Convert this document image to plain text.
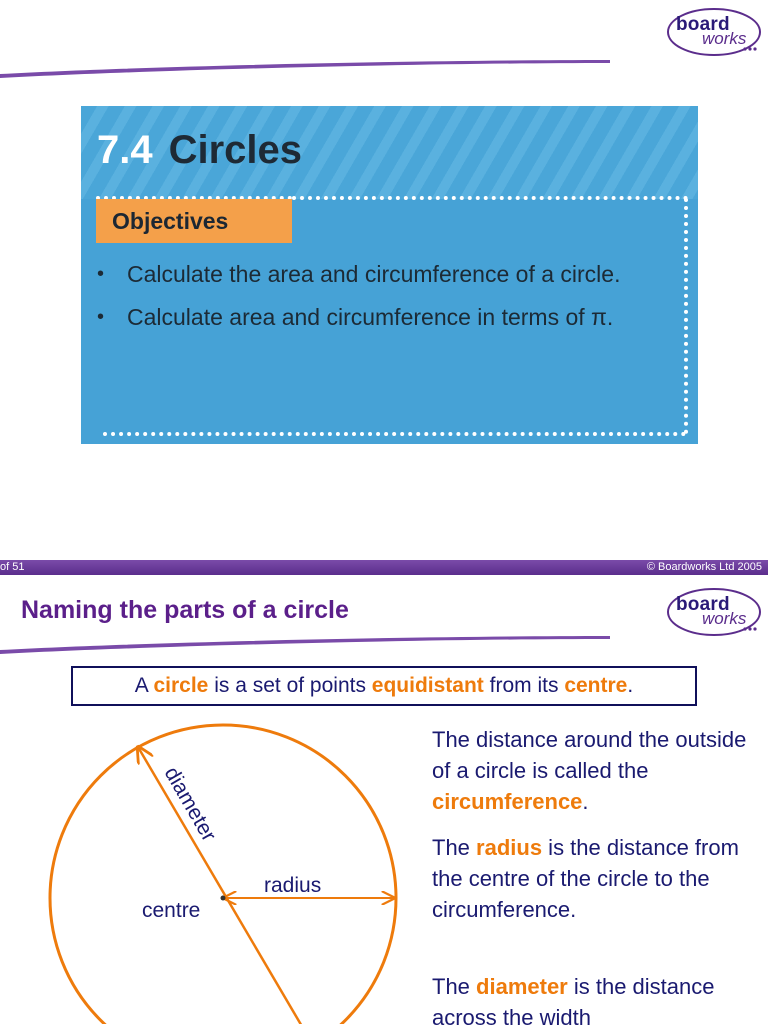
board
works
7.4 Circles
Objectives
• Calculate the area and circumference of a circle.
• Calculate area and circumference in terms of π.
of 51	© Boardworks Ltd 2005
Naming the parts of a circle	board
works
A circle is a set of points equidistant from its centre.
diameter
radius
centre

The distance around the outside of a circle is called the circumference.

The radius is the distance from the centre of the circle to the circumference.

The diameter is the distance across the width
